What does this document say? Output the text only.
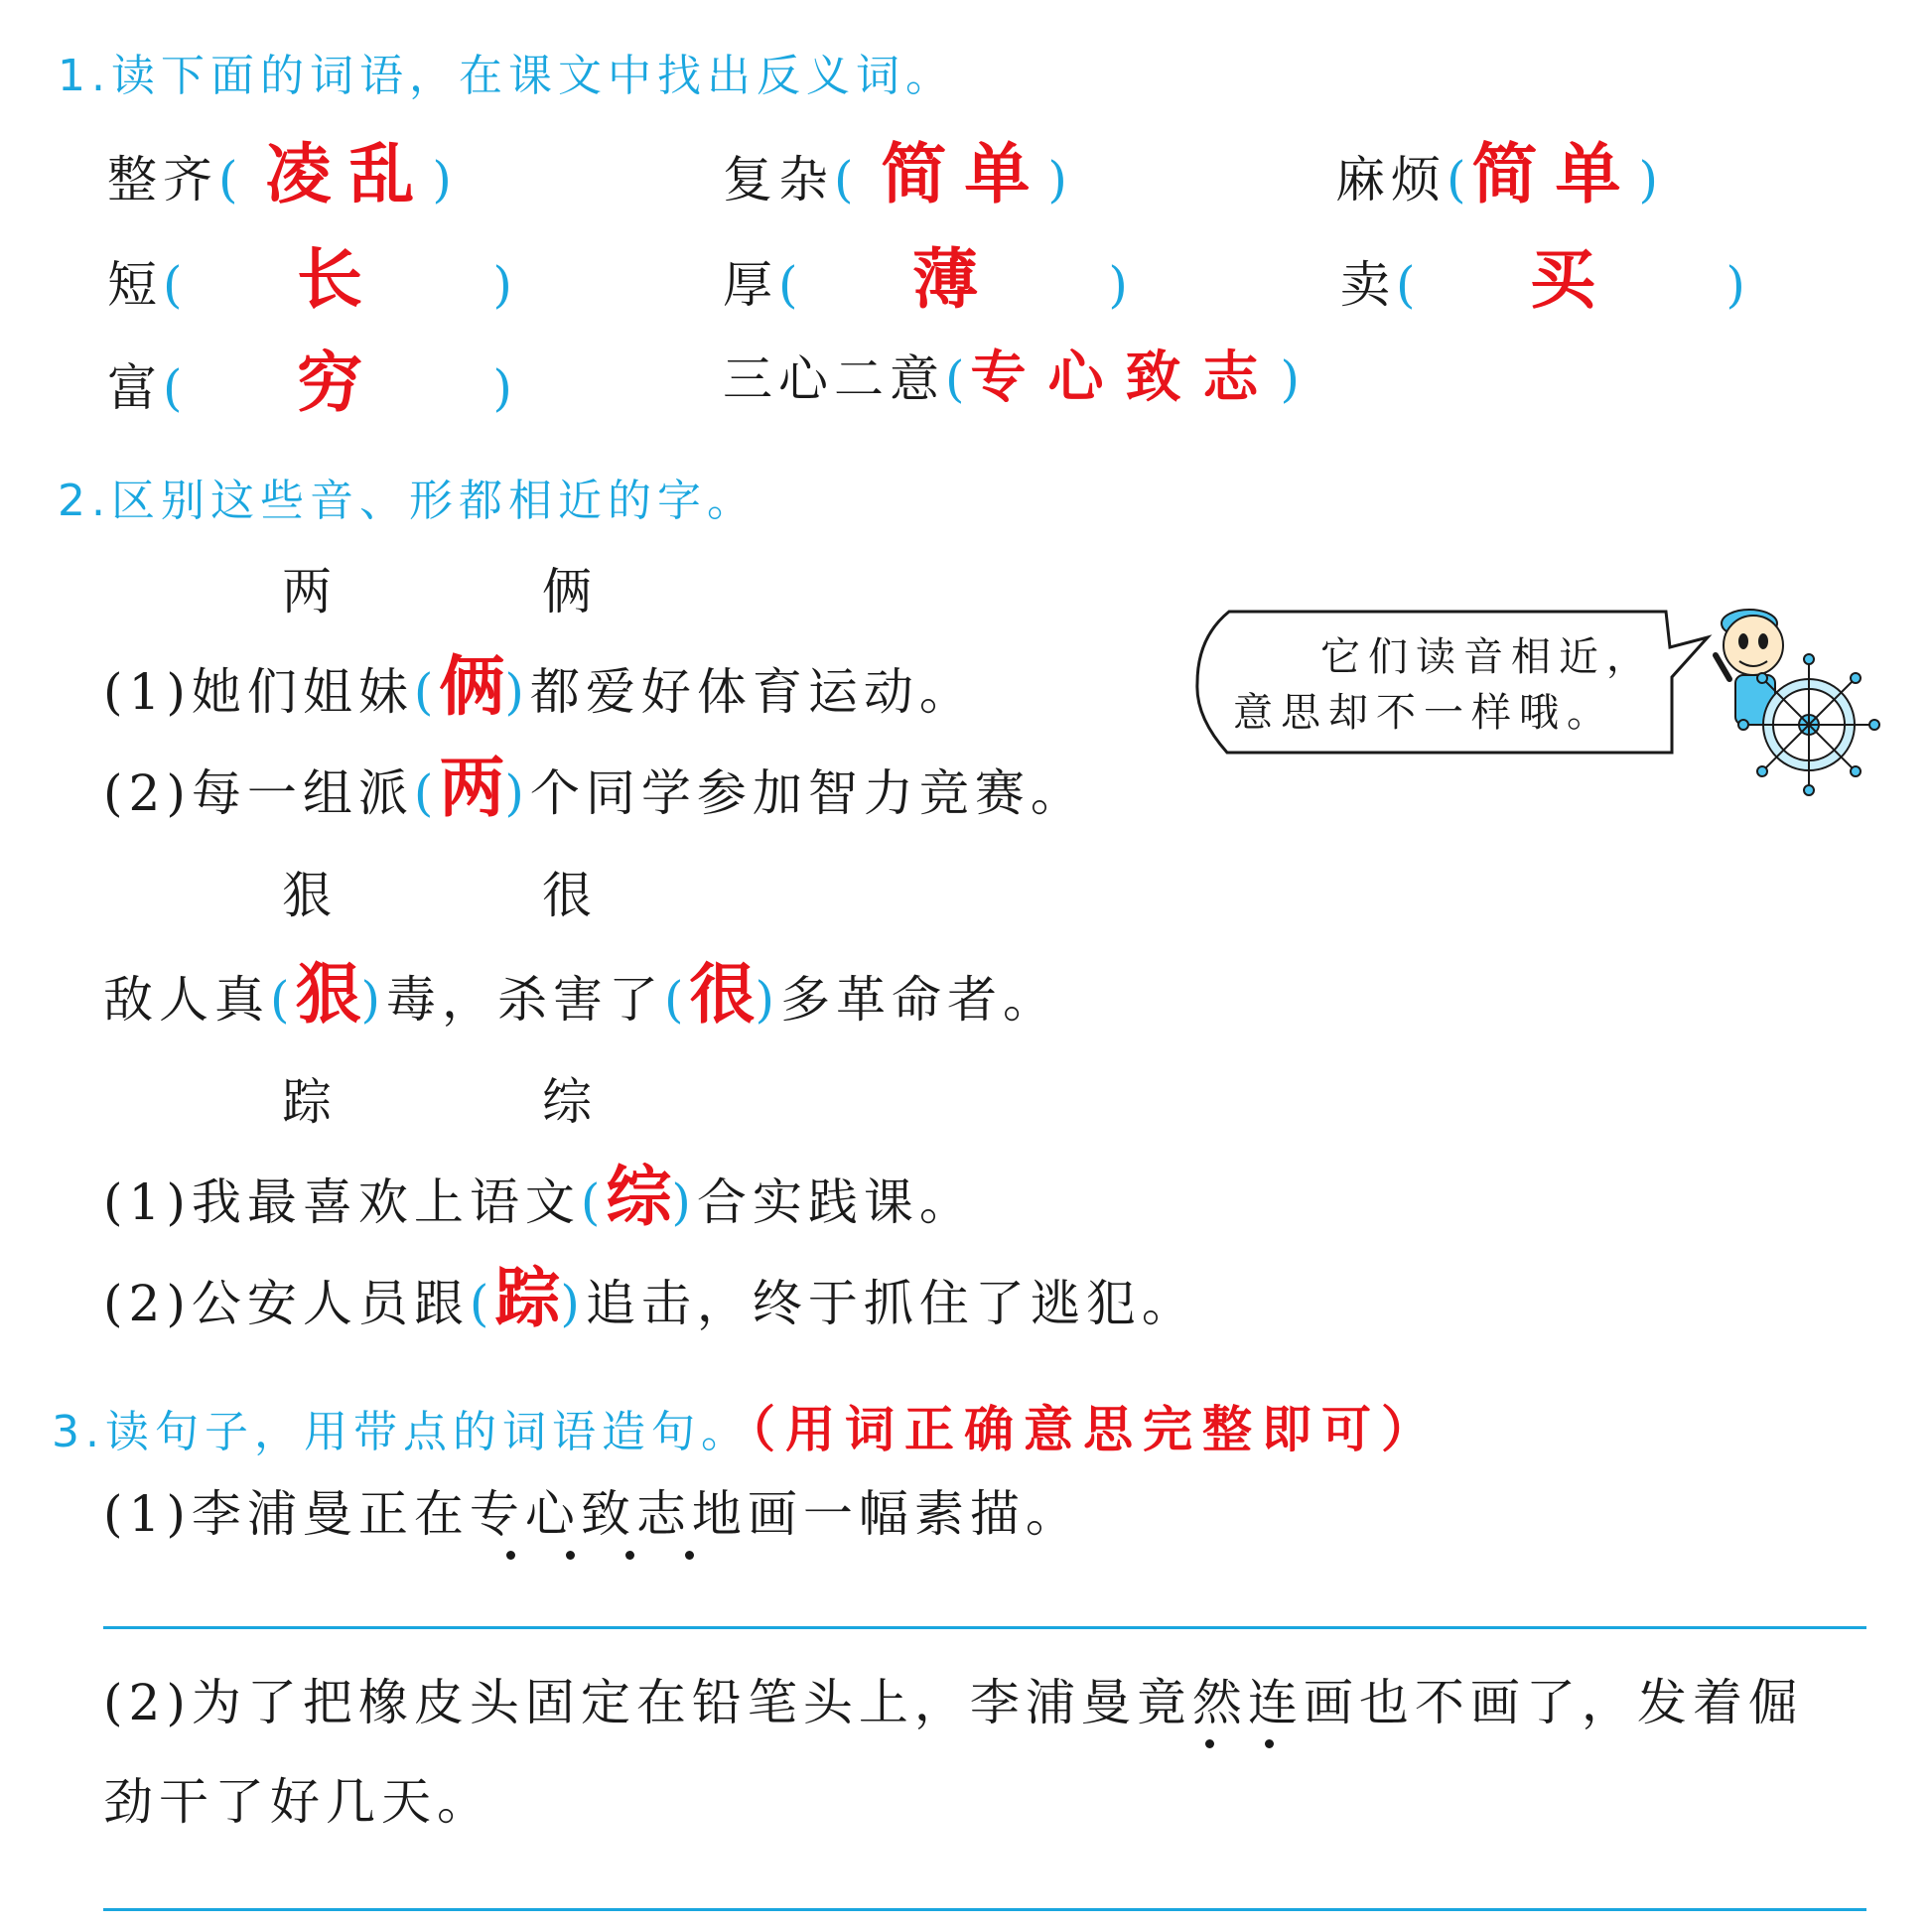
1.读下面的词语，在课文中找出反义词。
整齐( 凌乱)	复杂( 简单)	麻烦(简单)
短(     长      )	厚(     薄      )	卖(     买      )
富(     穷      )	三心二意(专心致志)
2.区别这些音、形都相近的字。
两	俩
(1)她们姐妹(俩)都爱好体育运动。
(2)每一组派(两)个同学参加智力竞赛。
狠	很
敌人真(狠)毒，杀害了(很)多革命者。
踪	综
(1)我最喜欢上语文(综)合实践课。
(2)公安人员跟(踪)追击，终于抓住了逃犯。
它们读音相近，
意思却不一样哦。
3.读句子，用带点的词语造句。（用词正确意思完整即可）
(1)李浦曼正在专心致志地画一幅素描。
(2)为了把橡皮头固定在铅笔头上，李浦曼竟然连画也不画了，发着倔
劲干了好几天。
